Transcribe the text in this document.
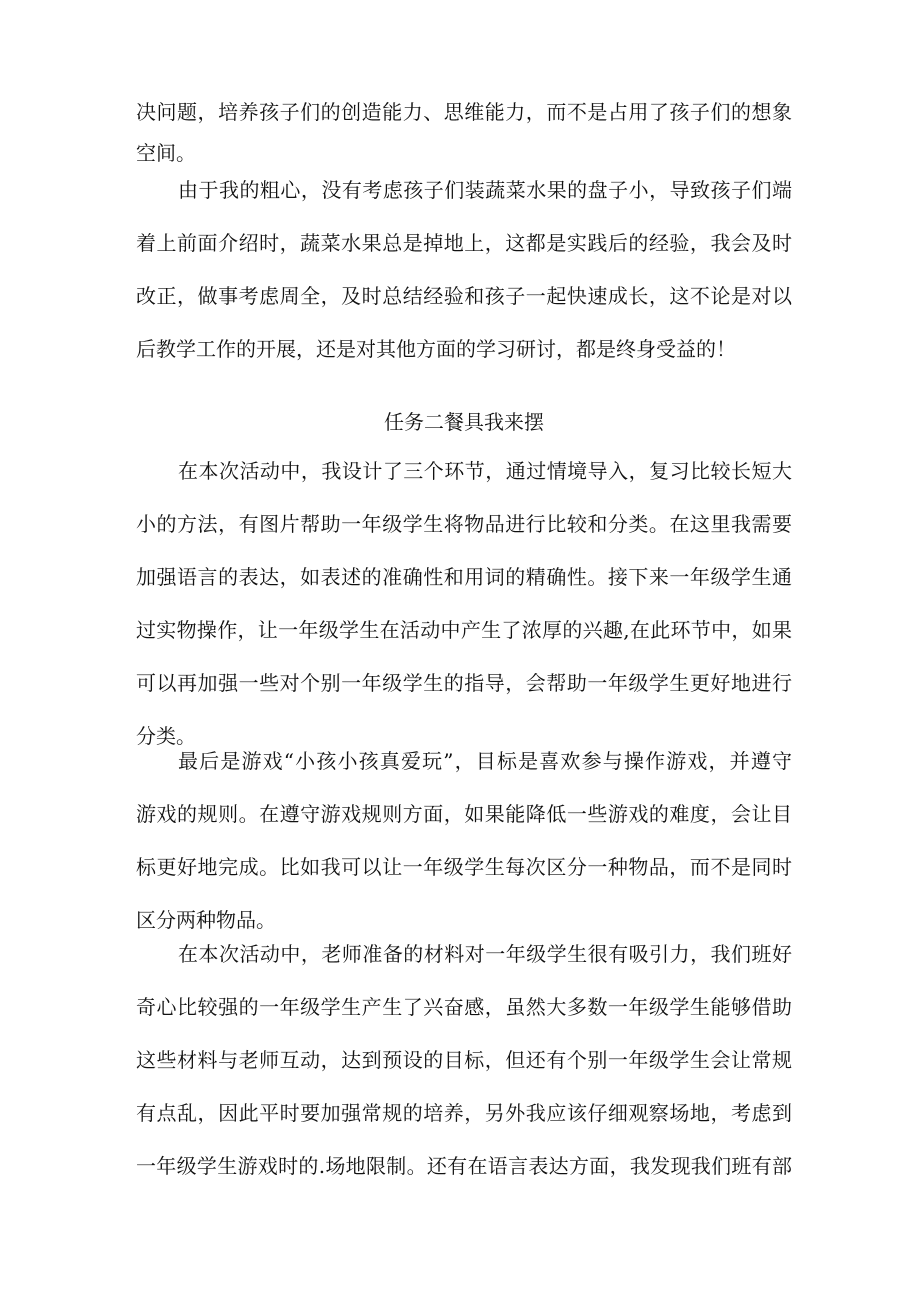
决问题，培养孩子们的创造能力、思维能力，而不是占用了孩子们的想象
空间。

由于我的粗心，没有考虑孩子们装蔬菜水果的盘子小，导致孩子们端
着上前面介绍时，蔬菜水果总是掉地上，这都是实践后的经验，我会及时
改正，做事考虑周全，及时总结经验和孩子一起快速成长，这不论是对以
后教学工作的开展，还是对其他方面的学习研讨，都是终身受益的！

任务二餐具我来摆

在本次活动中，我设计了三个环节，通过情境导入，复习比较长短大
小的方法，有图片帮助一年级学生将物品进行比较和分类。在这里我需要
加强语言的表达，如表述的准确性和用词的精确性。接下来一年级学生通
过实物操作，让一年级学生在活动中产生了浓厚的兴趣,在此环节中，如果
可以再加强一些对个别一年级学生的指导，会帮助一年级学生更好地进行
分类。

最后是游戏“小孩小孩真爱玩”，目标是喜欢参与操作游戏，并遵守
游戏的规则。在遵守游戏规则方面，如果能降低一些游戏的难度，会让目
标更好地完成。比如我可以让一年级学生每次区分一种物品，而不是同时
区分两种物品。

在本次活动中，老师准备的材料对一年级学生很有吸引力，我们班好
奇心比较强的一年级学生产生了兴奋感，虽然大多数一年级学生能够借助
这些材料与老师互动，达到预设的目标，但还有个别一年级学生会让常规
有点乱，因此平时要加强常规的培养，另外我应该仔细观察场地，考虑到
一年级学生游戏时的.场地限制。还有在语言表达方面，我发现我们班有部
